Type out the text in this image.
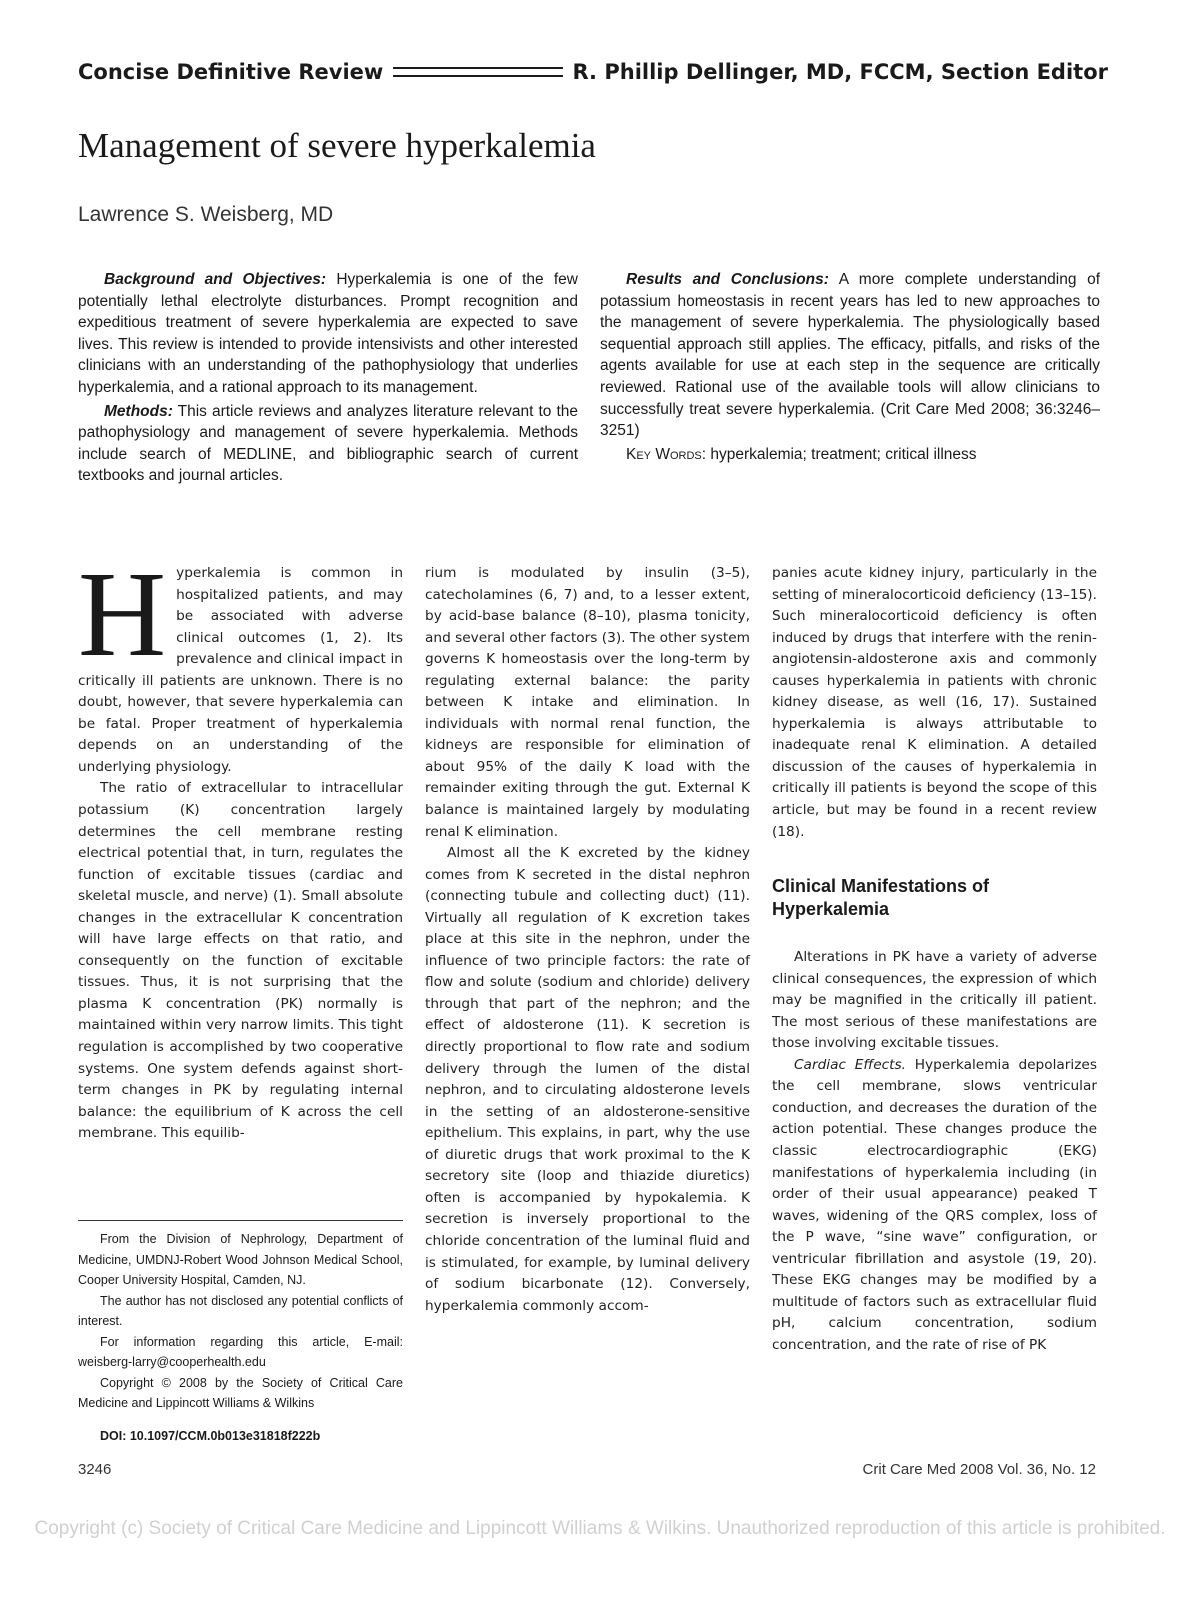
Concise Definitive Review	R. Phillip Dellinger, MD, FCCM, Section Editor
Management of severe hyperkalemia
Lawrence S. Weisberg, MD

Background and Objectives: Hyperkalemia is one of the few potentially lethal electrolyte disturbances. Prompt recognition and expeditious treatment of severe hyperkalemia are expected to save lives. This review is intended to provide intensivists and other interested clinicians with an understanding of the pathophysiology that underlies hyperkalemia, and a rational approach to its management.

Methods: This article reviews and analyzes literature relevant to the pathophysiology and management of severe hyperkalemia. Methods include search of MEDLINE, and bibliographic search of current textbooks and journal articles.

Results and Conclusions: A more complete understanding of potassium homeostasis in recent years has led to new approaches to the management of severe hyperkalemia. The physiologically based sequential approach still applies. The efficacy, pitfalls, and risks of the agents available for use at each step in the sequence are critically reviewed. Rational use of the available tools will allow clinicians to successfully treat severe hyperkalemia. (Crit Care Med 2008; 36:3246–3251)

Key Words: hyperkalemia; treatment; critical illness

Hyperkalemia is common in hospitalized patients, and may be associated with adverse clinical outcomes (1, 2). Its prevalence and clinical impact in critically ill patients are unknown. There is no doubt, however, that severe hyperkalemia can be fatal. Proper treatment of hyperkalemia depends on an understanding of the underlying physiology.

The ratio of extracellular to intracellular potassium (K) concentration largely determines the cell membrane resting electrical potential that, in turn, regulates the function of excitable tissues (cardiac and skeletal muscle, and nerve) (1). Small absolute changes in the extracellular K concentration will have large effects on that ratio, and consequently on the function of excitable tissues. Thus, it is not surprising that the plasma K concentration (PK) normally is maintained within very narrow limits. This tight regulation is accomplished by two cooperative systems. One system defends against short-term changes in PK by regulating internal balance: the equilibrium of K across the cell membrane. This equilib-

rium is modulated by insulin (3–5), catecholamines (6, 7) and, to a lesser extent, by acid-base balance (8–10), plasma tonicity, and several other factors (3). The other system governs K homeostasis over the long-term by regulating external balance: the parity between K intake and elimination. In individuals with normal renal function, the kidneys are responsible for elimination of about 95% of the daily K load with the remainder exiting through the gut. External K balance is maintained largely by modulating renal K elimination.

Almost all the K excreted by the kidney comes from K secreted in the distal nephron (connecting tubule and collecting duct) (11). Virtually all regulation of K excretion takes place at this site in the nephron, under the influence of two principle factors: the rate of flow and solute (sodium and chloride) delivery through that part of the nephron; and the effect of aldosterone (11). K secretion is directly proportional to flow rate and sodium delivery through the lumen of the distal nephron, and to circulating aldosterone levels in the setting of an aldosterone-sensitive epithelium. This explains, in part, why the use of diuretic drugs that work proximal to the K secretory site (loop and thiazide diuretics) often is accompanied by hypokalemia. K secretion is inversely proportional to the chloride concentration of the luminal fluid and is stimulated, for example, by luminal delivery of sodium bicarbonate (12). Conversely, hyperkalemia commonly accom-

panies acute kidney injury, particularly in the setting of mineralocorticoid deficiency (13–15). Such mineralocorticoid deficiency is often induced by drugs that interfere with the renin-angiotensin-aldosterone axis and commonly causes hyperkalemia in patients with chronic kidney disease, as well (16, 17). Sustained hyperkalemia is always attributable to inadequate renal K elimination. A detailed discussion of the causes of hyperkalemia in critically ill patients is beyond the scope of this article, but may be found in a recent review (18).

Clinical Manifestations of Hyperkalemia

Alterations in PK have a variety of adverse clinical consequences, the expression of which may be magnified in the critically ill patient. The most serious of these manifestations are those involving excitable tissues.

Cardiac Effects. Hyperkalemia depolarizes the cell membrane, slows ventricular conduction, and decreases the duration of the action potential. These changes produce the classic electrocardiographic (EKG) manifestations of hyperkalemia including (in order of their usual appearance) peaked T waves, widening of the QRS complex, loss of the P wave, “sine wave” configuration, or ventricular fibrillation and asystole (19, 20). These EKG changes may be modified by a multitude of factors such as extracellular fluid pH, calcium concentration, sodium concentration, and the rate of rise of PK

From the Division of Nephrology, Department of Medicine, UMDNJ-Robert Wood Johnson Medical School, Cooper University Hospital, Camden, NJ.

The author has not disclosed any potential conflicts of interest.

For information regarding this article, E-mail: weisberg-larry@cooperhealth.edu

Copyright © 2008 by the Society of Critical Care Medicine and Lippincott Williams & Wilkins

DOI: 10.1097/CCM.0b013e31818f222b

3246	Crit Care Med 2008 Vol. 36, No. 12
Copyright (c) Society of Critical Care Medicine and Lippincott Williams & Wilkins. Unauthorized reproduction of this article is prohibited.
